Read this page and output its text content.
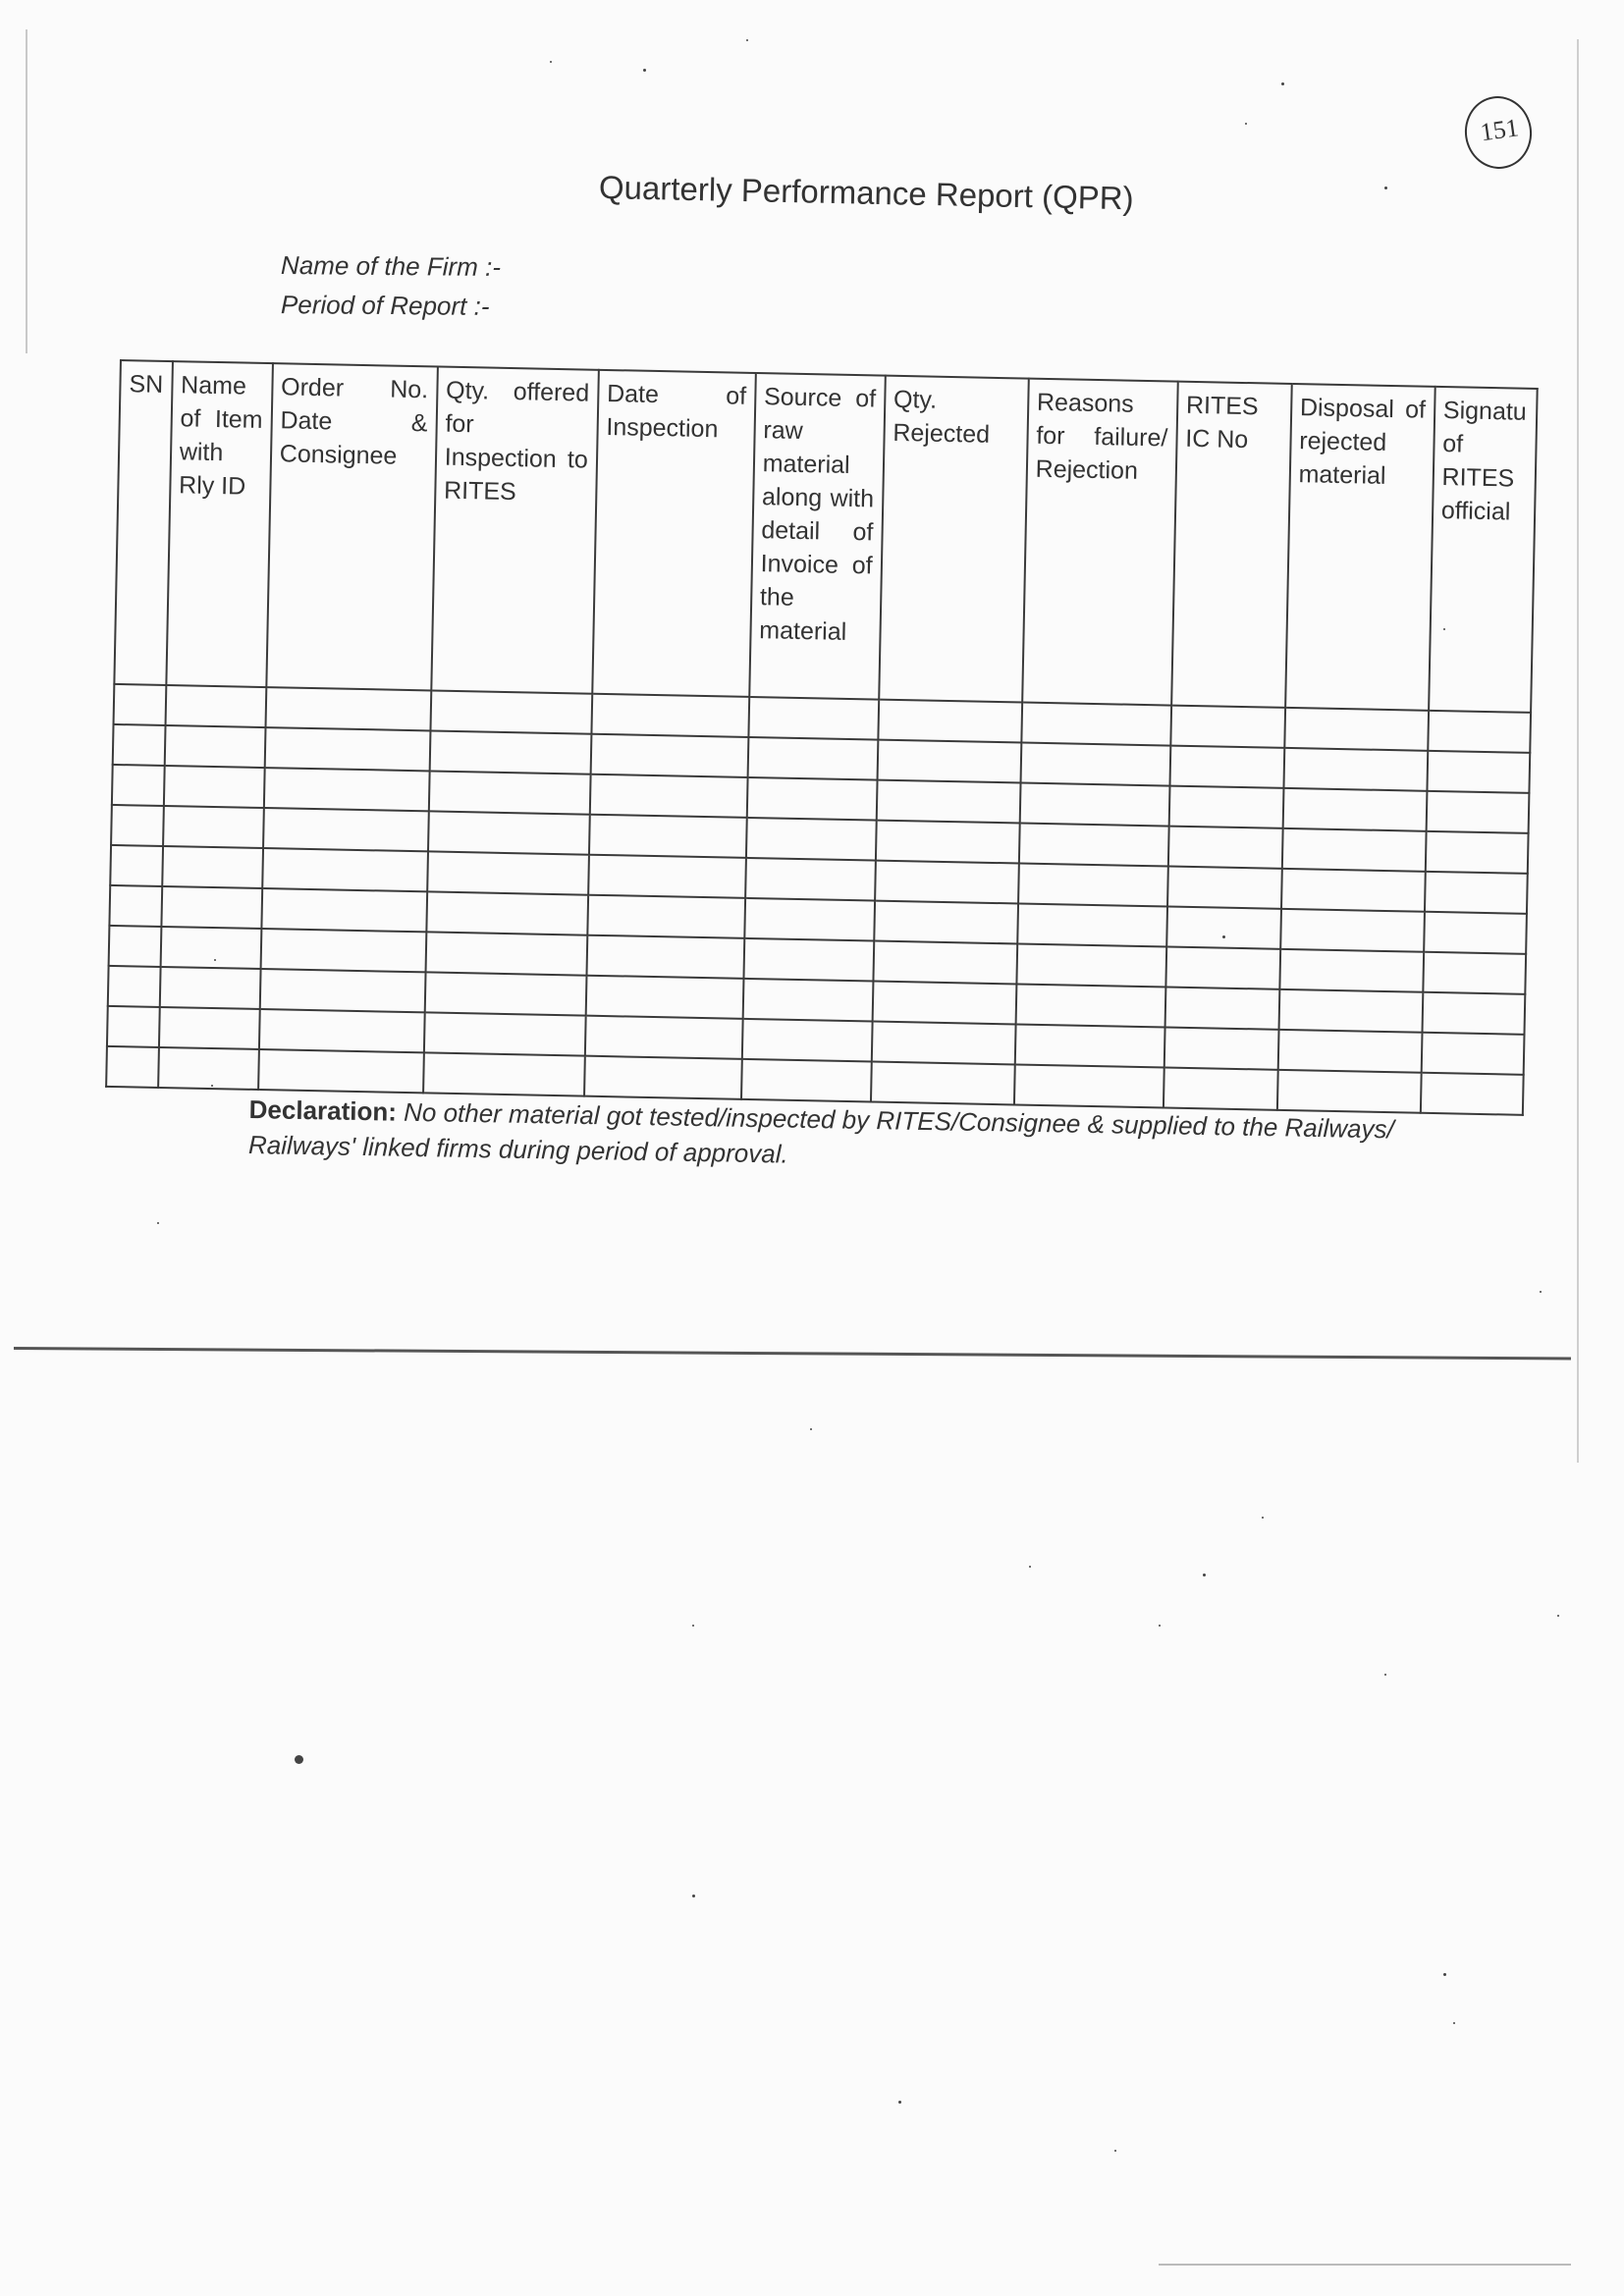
151
Quarterly Performance Report (QPR)
Name of the Firm :-
Period of Report :-
SN	Name of Item with Rly ID	Order No. Date & Consignee	Qty. offered for Inspection to RITES	Date of Inspection	Source of raw material along with detail of Invoice of the material	Qty. Rejected	Reasons for failure/ Rejection	RITES IC No	Disposal of rejected material	Signatu of RITES official

Declaration: No other material got tested/inspected by RITES/Consignee & supplied to the Railways/ Railways' linked firms during period of approval.
